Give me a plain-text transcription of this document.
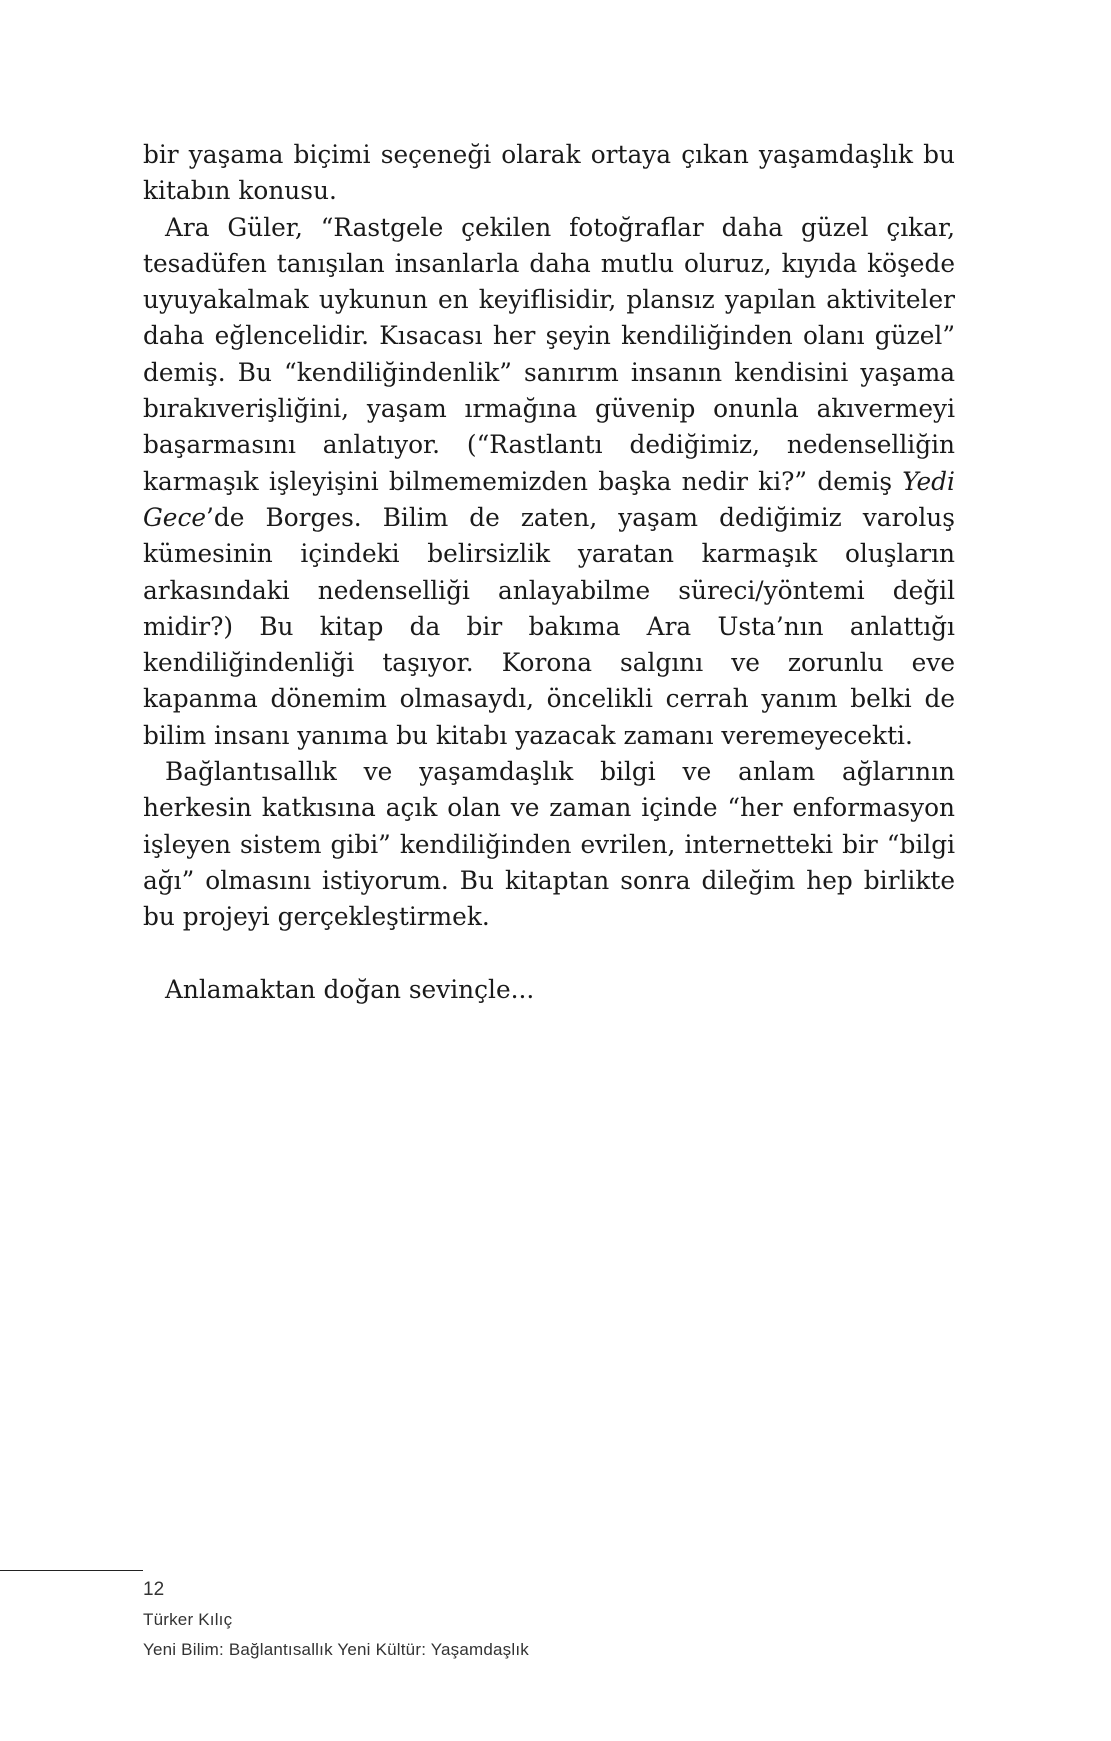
bir yaşama biçimi seçeneği olarak ortaya çıkan yaşamdaşlık bu kitabın konusu.

Ara Güler, “Rastgele çekilen fotoğraflar daha güzel çıkar, tesadüfen tanışılan insanlarla daha mutlu oluruz, kıyıda köşede uyuyakalmak uykunun en keyiflisidir, plansız yapılan aktiviteler daha eğlencelidir. Kısacası her şeyin kendiliğinden olanı güzel” demiş. Bu “kendiliğindenlik” sanırım insanın kendisini yaşama bırakıverişliğini, yaşam ırmağına güvenip onunla akıvermeyi başarmasını anlatıyor. (“Rastlantı dediğimiz, nedenselliğin karmaşık işleyişini bilmememizden başka nedir ki?” demiş Yedi Gece’de Borges. Bilim de zaten, yaşam dediğimiz varoluş kümesinin içindeki belirsizlik yaratan karmaşık oluşların arkasındaki nedenselliği anlayabilme süreci/yöntemi değil midir?) Bu kitap da bir bakıma Ara Usta’nın anlattığı kendiliğindenliği taşıyor. Korona salgını ve zorunlu eve kapanma dönemim olmasaydı, öncelikli cerrah yanım belki de bilim insanı yanıma bu kitabı yazacak zamanı veremeyecekti.

Bağlantısallık ve yaşamdaşlık bilgi ve anlam ağlarının herkesin katkısına açık olan ve zaman içinde “her enformasyon işleyen sistem gibi” kendiliğinden evrilen, internetteki bir “bilgi ağı” olmasını istiyorum. Bu kitaptan sonra dileğim hep birlikte bu projeyi gerçekleştirmek.

Anlamaktan doğan sevinçle...

12
Türker Kılıç
Yeni Bilim: Bağlantısallık Yeni Kültür: Yaşamdaşlık
